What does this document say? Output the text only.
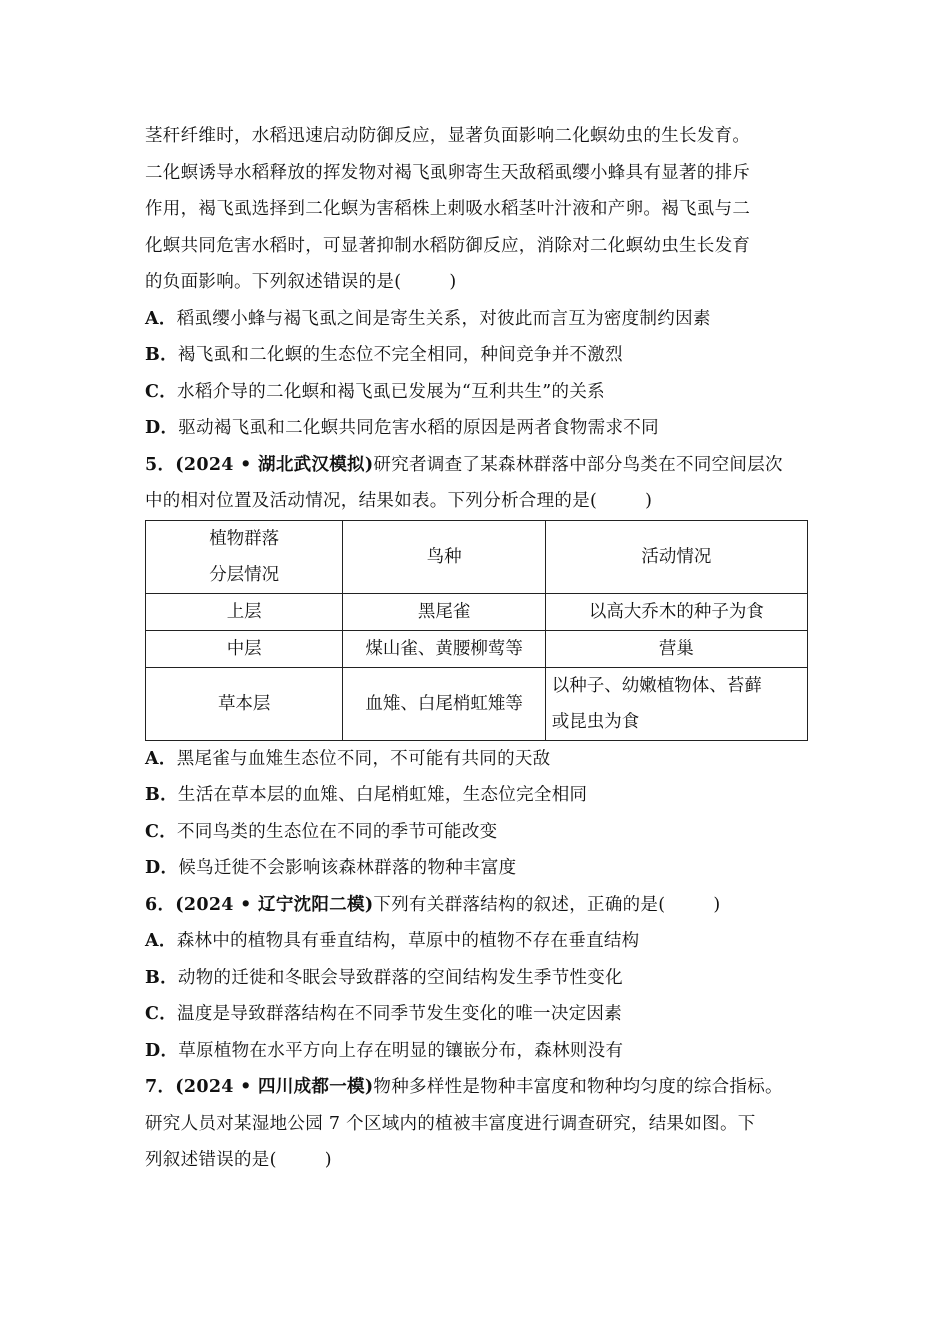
茎秆纤维时，水稻迅速启动防御反应，显著负面影响二化螟幼虫的生长发育。
二化螟诱导水稻释放的挥发物对褐飞虱卵寄生天敌稻虱缨小蜂具有显著的排斥
作用，褐飞虱选择到二化螟为害稻株上刺吸水稻茎叶汁液和产卵。褐飞虱与二
化螟共同危害水稻时，可显著抑制水稻防御反应，消除对二化螟幼虫生长发育
的负面影响。下列叙述错误的是(	)
A．稻虱缨小蜂与褐飞虱之间是寄生关系，对彼此而言互为密度制约因素
B．褐飞虱和二化螟的生态位不完全相同，种间竞争并不激烈
C．水稻介导的二化螟和褐飞虱已发展为“互利共生”的关系
D．驱动褐飞虱和二化螟共同危害水稻的原因是两者食物需求不同
5．(2024 • 湖北武汉模拟)研究者调查了某森林群落中部分鸟类在不同空间层次
中的相对位置及活动情况，结果如表。下列分析合理的是(	)
植物群落
分层情况	鸟种	活动情况
上层	黑尾雀	以高大乔木的种子为食
中层	煤山雀、黄腰柳莺等	营巢
草本层	血雉、白尾梢虹雉等	以种子、幼嫩植物体、苔藓
或昆虫为食
A．黑尾雀与血雉生态位不同，不可能有共同的天敌
B．生活在草本层的血雉、白尾梢虹雉，生态位完全相同
C．不同鸟类的生态位在不同的季节可能改变
D．候鸟迁徙不会影响该森林群落的物种丰富度
6．(2024 • 辽宁沈阳二模)下列有关群落结构的叙述，正确的是(	)
A．森林中的植物具有垂直结构，草原中的植物不存在垂直结构
B．动物的迁徙和冬眠会导致群落的空间结构发生季节性变化
C．温度是导致群落结构在不同季节发生变化的唯一决定因素
D．草原植物在水平方向上存在明显的镶嵌分布，森林则没有
7．(2024 • 四川成都一模)物种多样性是物种丰富度和物种均匀度的综合指标。
研究人员对某湿地公园 7 个区域内的植被丰富度进行调查研究，结果如图。下
列叙述错误的是(	)
